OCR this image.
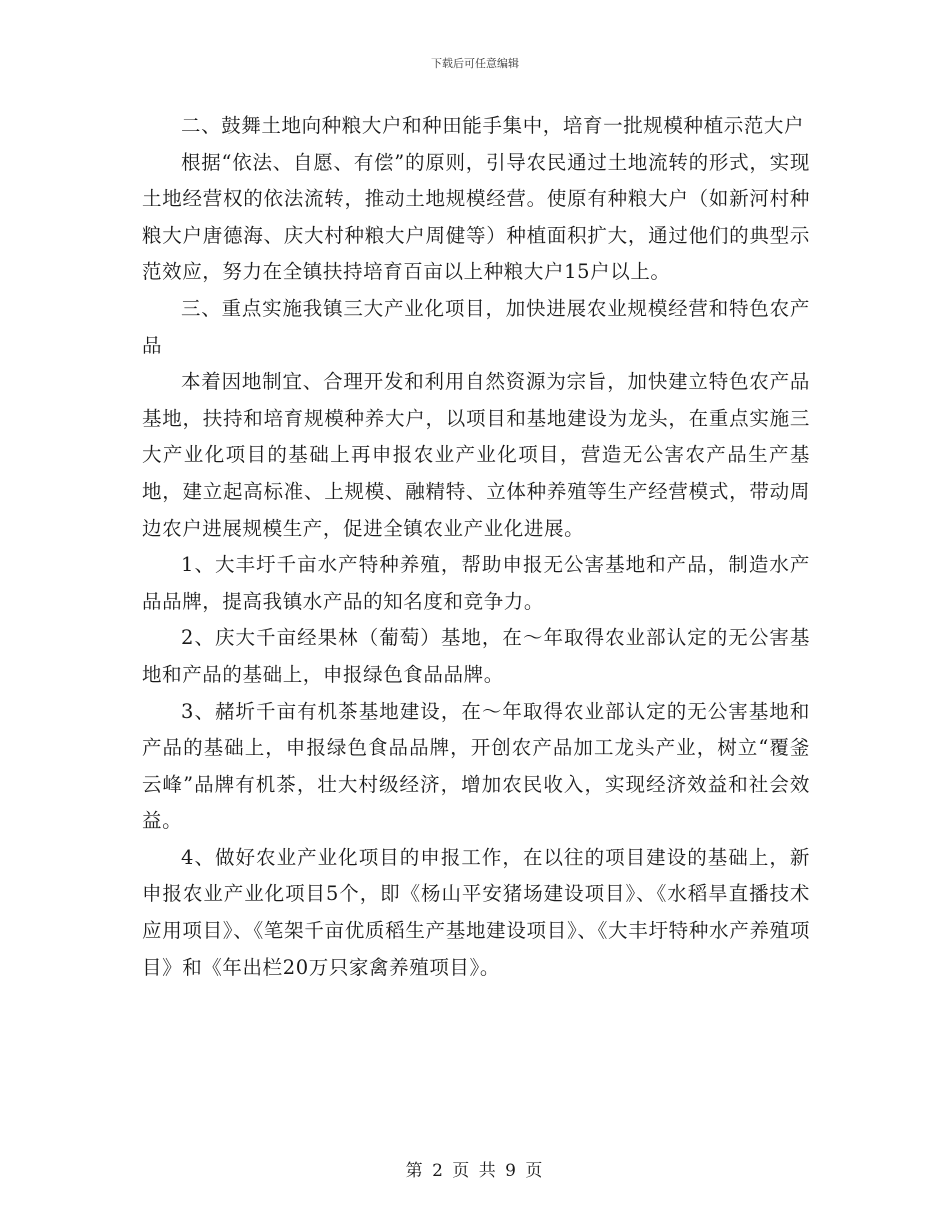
下载后可任意编辑

二、鼓舞土地向种粮大户和种田能手集中，培育一批规模种植示范大户

根据“依法、自愿、有偿”的原则，引导农民通过土地流转的形式，实现土地经营权的依法流转，推动土地规模经营。使原有种粮大户（如新河村种粮大户唐德海、庆大村种粮大户周健等）种植面积扩大，通过他们的典型示范效应，努力在全镇扶持培育百亩以上种粮大户15户以上。

三、重点实施我镇三大产业化项目，加快进展农业规模经营和特色农产品

本着因地制宜、合理开发和利用自然资源为宗旨，加快建立特色农产品基地，扶持和培育规模种养大户，以项目和基地建设为龙头，在重点实施三大产业化项目的基础上再申报农业产业化项目，营造无公害农产品生产基地，建立起高标准、上规模、融精特、立体种养殖等生产经营模式，带动周边农户进展规模生产，促进全镇农业产业化进展。

1、大丰圩千亩水产特种养殖，帮助申报无公害基地和产品，制造水产品品牌，提高我镇水产品的知名度和竞争力。

2、庆大千亩经果林（葡萄）基地，在～年取得农业部认定的无公害基地和产品的基础上，申报绿色食品品牌。

3、赭圻千亩有机茶基地建设，在～年取得农业部认定的无公害基地和产品的基础上，申报绿色食品品牌，开创农产品加工龙头产业，树立“覆釜云峰”品牌有机茶，壮大村级经济，增加农民收入，实现经济效益和社会效益。

4、做好农业产业化项目的申报工作，在以往的项目建设的基础上，新申报农业产业化项目5个，即《杨山平安猪场建设项目》、《水稻旱直播技术应用项目》、《笔架千亩优质稻生产基地建设项目》、《大丰圩特种水产养殖项目》和《年出栏20万只家禽养殖项目》。

第 2 页 共 9 页
